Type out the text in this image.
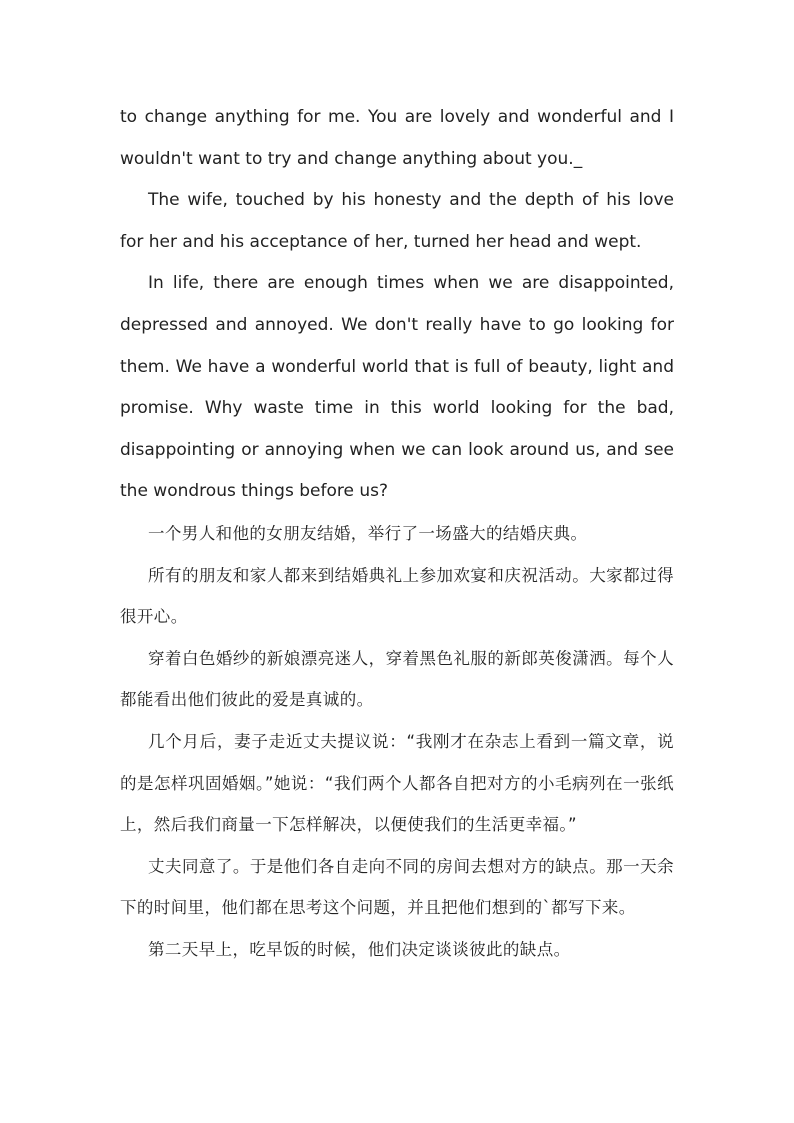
to change anything for me. You are lovely and wonderful and I wouldn't want to try and change anything about you._

The wife, touched by his honesty and the depth of his love for her and his acceptance of her, turned her head and wept.

In life, there are enough times when we are disappointed, depressed and annoyed. We don't really have to go looking for them. We have a wonderful world that is full of beauty, light and promise. Why waste time in this world looking for the bad, disappointing or annoying when we can look around us, and see the wondrous things before us?

一个男人和他的女朋友结婚，举行了一场盛大的结婚庆典。

所有的朋友和家人都来到结婚典礼上参加欢宴和庆祝活动。大家都过得很开心。

穿着白色婚纱的新娘漂亮迷人，穿着黑色礼服的新郎英俊潇洒。每个人都能看出他们彼此的爱是真诚的。

几个月后，妻子走近丈夫提议说：“我刚才在杂志上看到一篇文章，说的是怎样巩固婚姻。”她说：“我们两个人都各自把对方的小毛病列在一张纸上，然后我们商量一下怎样解决，以便使我们的生活更幸福。”

丈夫同意了。于是他们各自走向不同的房间去想对方的缺点。那一天余下的时间里，他们都在思考这个问题，并且把他们想到的`都写下来。

第二天早上，吃早饭的时候，他们决定谈谈彼此的缺点。
